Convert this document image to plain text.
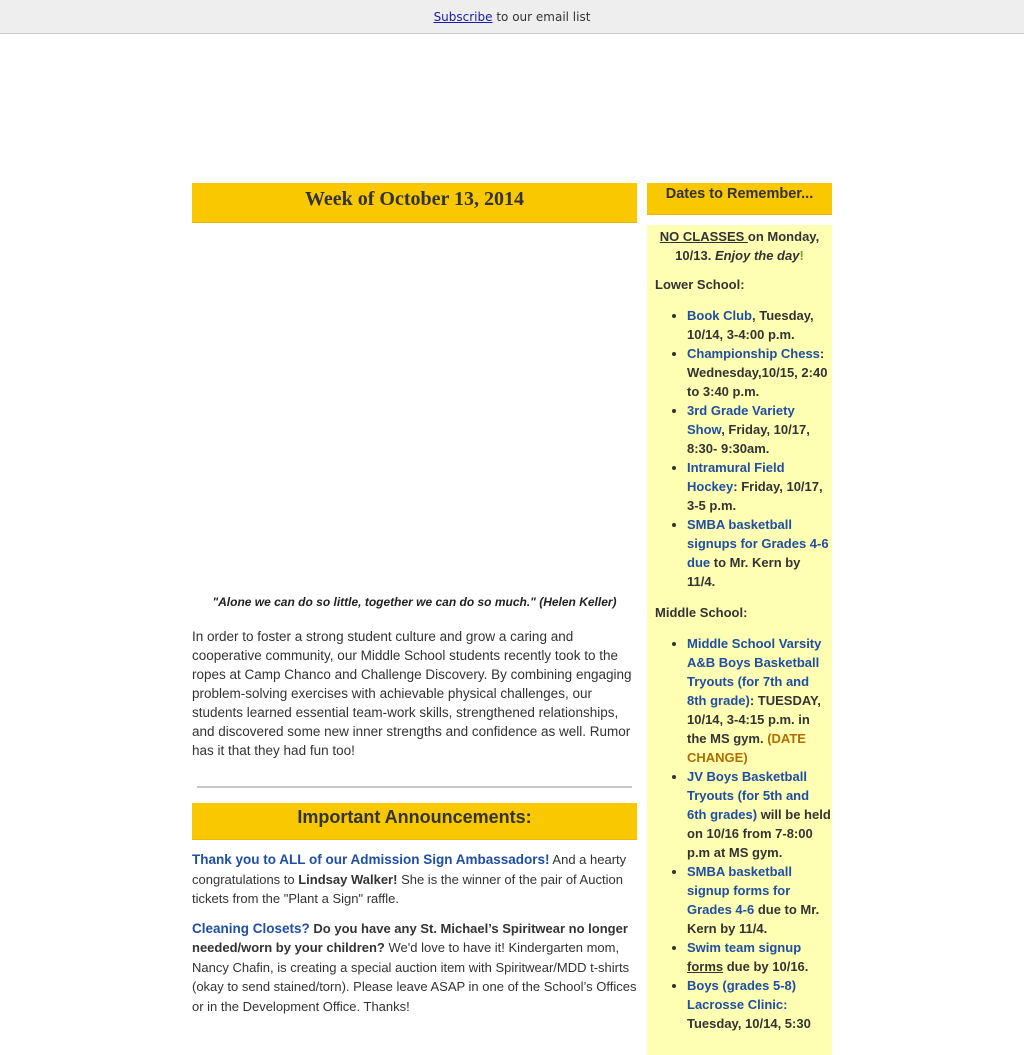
Subscribe to our email list
Week of October 13, 2014

"Alone we can do so little, together we can do so much." (Helen Keller)

In order to foster a strong student culture and grow a caring and cooperative community, our Middle School students recently took to the ropes at Camp Chanco and Challenge Discovery. By combining engaging problem-solving exercises with achievable physical challenges, our students learned essential team-work skills, strengthened relationships, and discovered some new inner strengths and confidence as well. Rumor has it that they had fun too!

Important Announcements:

Thank you to ALL of our Admission Sign Ambassadors! And a hearty congratulations to Lindsay Walker! She is the winner of the pair of Auction tickets from the "Plant a Sign" raffle.

Cleaning Closets? Do you have any St. Michael’s Spiritwear no longer needed/worn by your children? We'd love to have it! Kindergarten mom, Nancy Chafin, is creating a special auction item with Spiritwear/MDD t-shirts (okay to send stained/torn). Please leave ASAP in one of the School’s Offices or in the Development Office. Thanks!

Dates to Remember...
NO CLASSES on Monday, 10/13. Enjoy the day!
Lower School:
• Book Club, Tuesday, 10/14, 3-4:00 p.m.
• Championship Chess: Wednesday,10/15, 2:40 to 3:40 p.m.
• 3rd Grade Variety Show, Friday, 10/17, 8:30- 9:30am.
• Intramural Field Hockey: Friday, 10/17, 3-5 p.m.
• SMBA basketball signups for Grades 4-6 due to Mr. Kern by 11/4.
Middle School:
• Middle School Varsity A&B Boys Basketball Tryouts (for 7th and 8th grade): TUESDAY, 10/14, 3-4:15 p.m. in the MS gym. (DATE CHANGE)
• JV Boys Basketball Tryouts (for 5th and 6th grades) will be held on 10/16 from 7-8:00 p.m at MS gym.
• SMBA basketball signup forms for Grades 4-6 due to Mr. Kern by 11/4.
• Swim team signup forms due by 10/16.
• Boys (grades 5-8) Lacrosse Clinic: Tuesday, 10/14, 5:30
